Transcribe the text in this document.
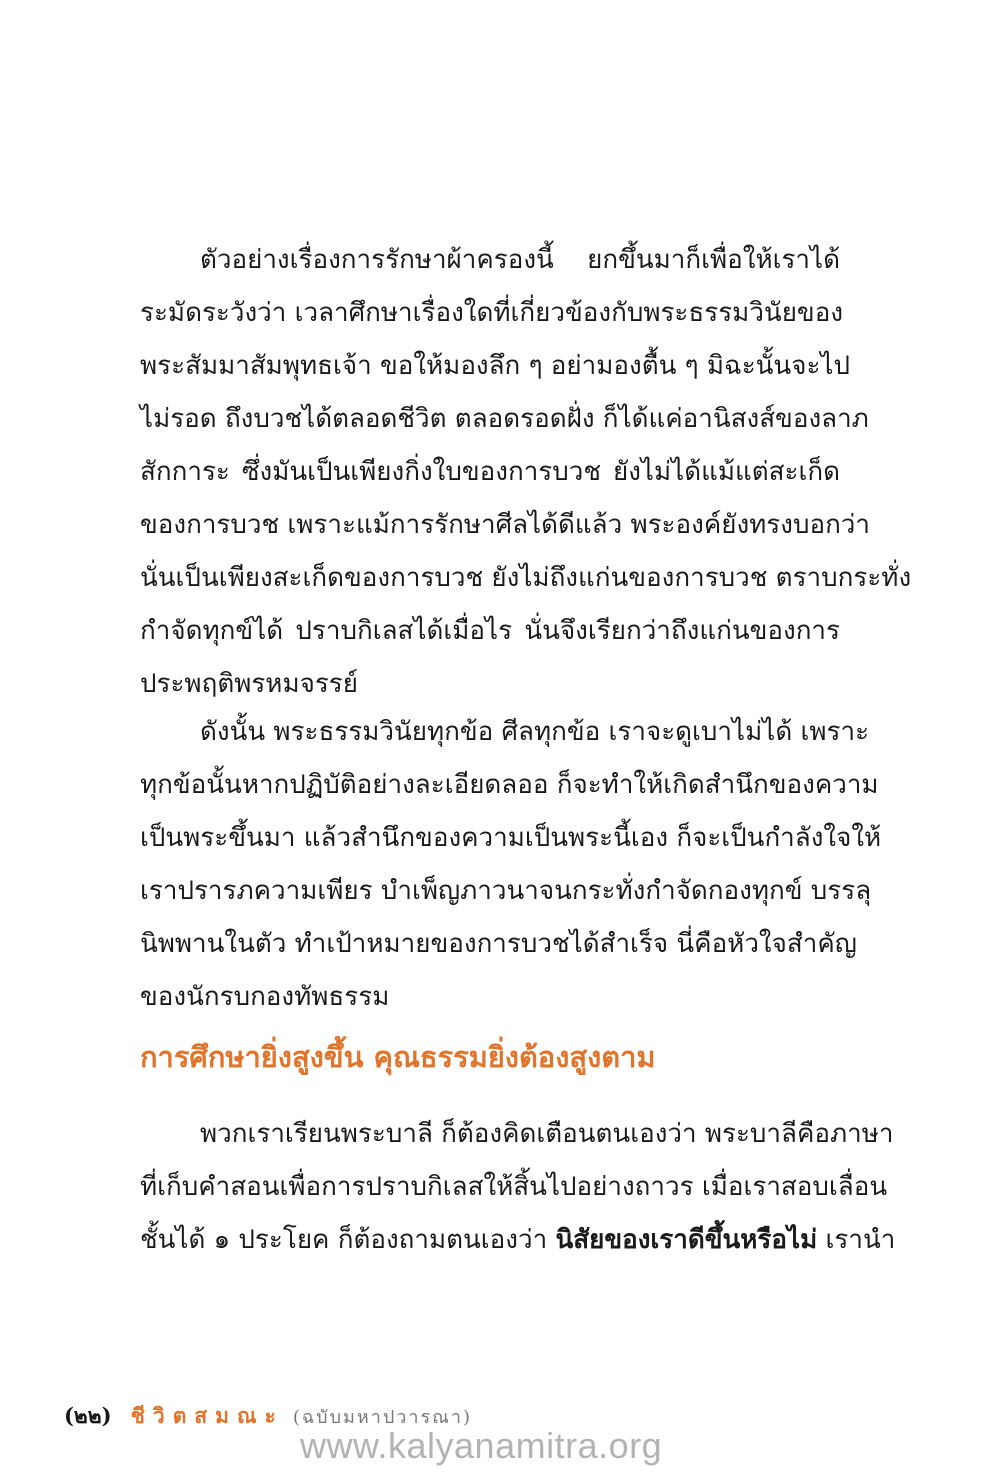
ตัวอย่างเรื่องการรักษาผ้าครองนี้ ยกขึ้นมาก็เพื่อให้เราได้
ระมัดระวังว่า เวลาศึกษาเรื่องใดที่เกี่ยวข้องกับพระธรรมวินัยของ
พระสัมมาสัมพุทธเจ้า ขอให้มองลึก ๆ อย่ามองตื้น ๆ มิฉะนั้นจะไป
ไม่รอด ถึงบวชได้ตลอดชีวิต ตลอดรอดฝั่ง ก็ได้แค่อานิสงส์ของลาภ
สักการะ ซึ่งมันเป็นเพียงกิ่งใบของการบวช ยังไม่ได้แม้แต่สะเก็ด
ของการบวช เพราะแม้การรักษาศีลได้ดีแล้ว พระองค์ยังทรงบอกว่า
นั่นเป็นเพียงสะเก็ดของการบวช ยังไม่ถึงแก่นของการบวช ตราบกระทั่ง
กำจัดทุกข์ได้ ปราบกิเลสได้เมื่อไร นั่นจึงเรียกว่าถึงแก่นของการ
ประพฤติพรหมจรรย์
ดังนั้น พระธรรมวินัยทุกข้อ ศีลทุกข้อ เราจะดูเบาไม่ได้ เพราะ
ทุกข้อนั้นหากปฏิบัติอย่างละเอียดลออ ก็จะทำให้เกิดสำนึกของความ
เป็นพระขึ้นมา แล้วสำนึกของความเป็นพระนี้เอง ก็จะเป็นกำลังใจให้
เราปรารภความเพียร บำเพ็ญภาวนาจนกระทั่งกำจัดกองทุกข์ บรรลุ
นิพพานในตัว ทำเป้าหมายของการบวชได้สำเร็จ นี่คือหัวใจสำคัญ
ของนักรบกองทัพธรรม
การศึกษายิ่งสูงขึ้น คุณธรรมยิ่งต้องสูงตาม
พวกเราเรียนพระบาลี ก็ต้องคิดเตือนตนเองว่า พระบาลีคือภาษา
ที่เก็บคำสอนเพื่อการปราบกิเลสให้สิ้นไปอย่างถาวร เมื่อเราสอบเลื่อน
ชั้นได้ ๑ ประโยค ก็ต้องถามตนเองว่า นิสัยของเราดีขึ้นหรือไม่ เรานำ
(๒๒) ชีวิตสมณะ (ฉบับมหาปวารณา)
www.kalyanamitra.org
